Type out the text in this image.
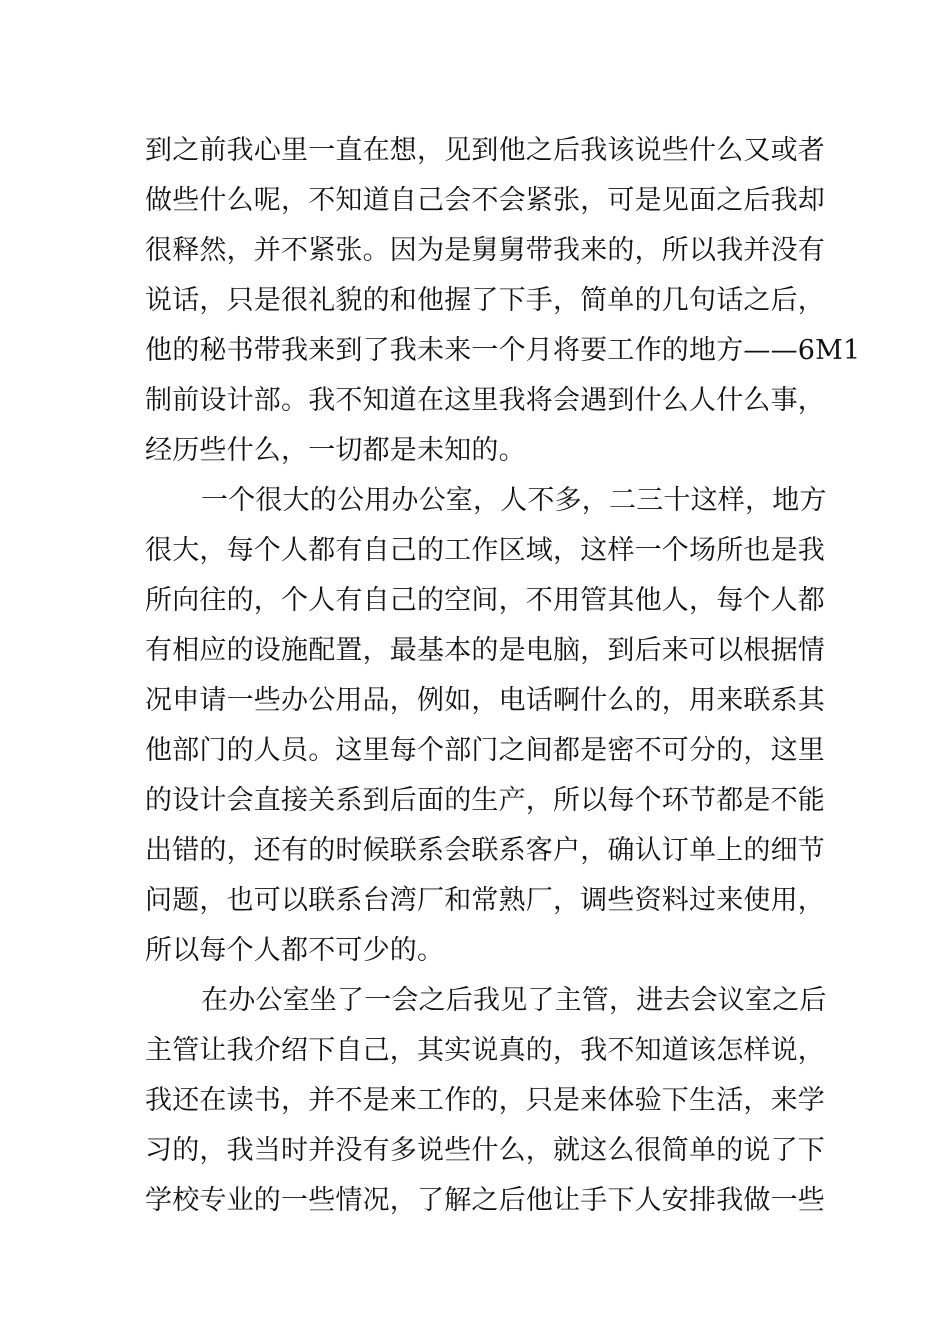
到之前我心里一直在想，见到他之后我该说些什么又或者
做些什么呢，不知道自己会不会紧张，可是见面之后我却
很释然，并不紧张。因为是舅舅带我来的，所以我并没有
说话，只是很礼貌的和他握了下手，简单的几句话之后，
他的秘书带我来到了我未来一个月将要工作的地方——6M1
制前设计部。我不知道在这里我将会遇到什么人什么事，
经历些什么，一切都是未知的。
一个很大的公用办公室，人不多，二三十这样，地方
很大，每个人都有自己的工作区域，这样一个场所也是我
所向往的，个人有自己的空间，不用管其他人，每个人都
有相应的设施配置，最基本的是电脑，到后来可以根据情
况申请一些办公用品，例如，电话啊什么的，用来联系其
他部门的人员。这里每个部门之间都是密不可分的，这里
的设计会直接关系到后面的生产，所以每个环节都是不能
出错的，还有的时候联系会联系客户，确认订单上的细节
问题，也可以联系台湾厂和常熟厂，调些资料过来使用，
所以每个人都不可少的。
在办公室坐了一会之后我见了主管，进去会议室之后
主管让我介绍下自己，其实说真的，我不知道该怎样说，
我还在读书，并不是来工作的，只是来体验下生活，来学
习的，我当时并没有多说些什么，就这么很简单的说了下
学校专业的一些情况，了解之后他让手下人安排我做一些
